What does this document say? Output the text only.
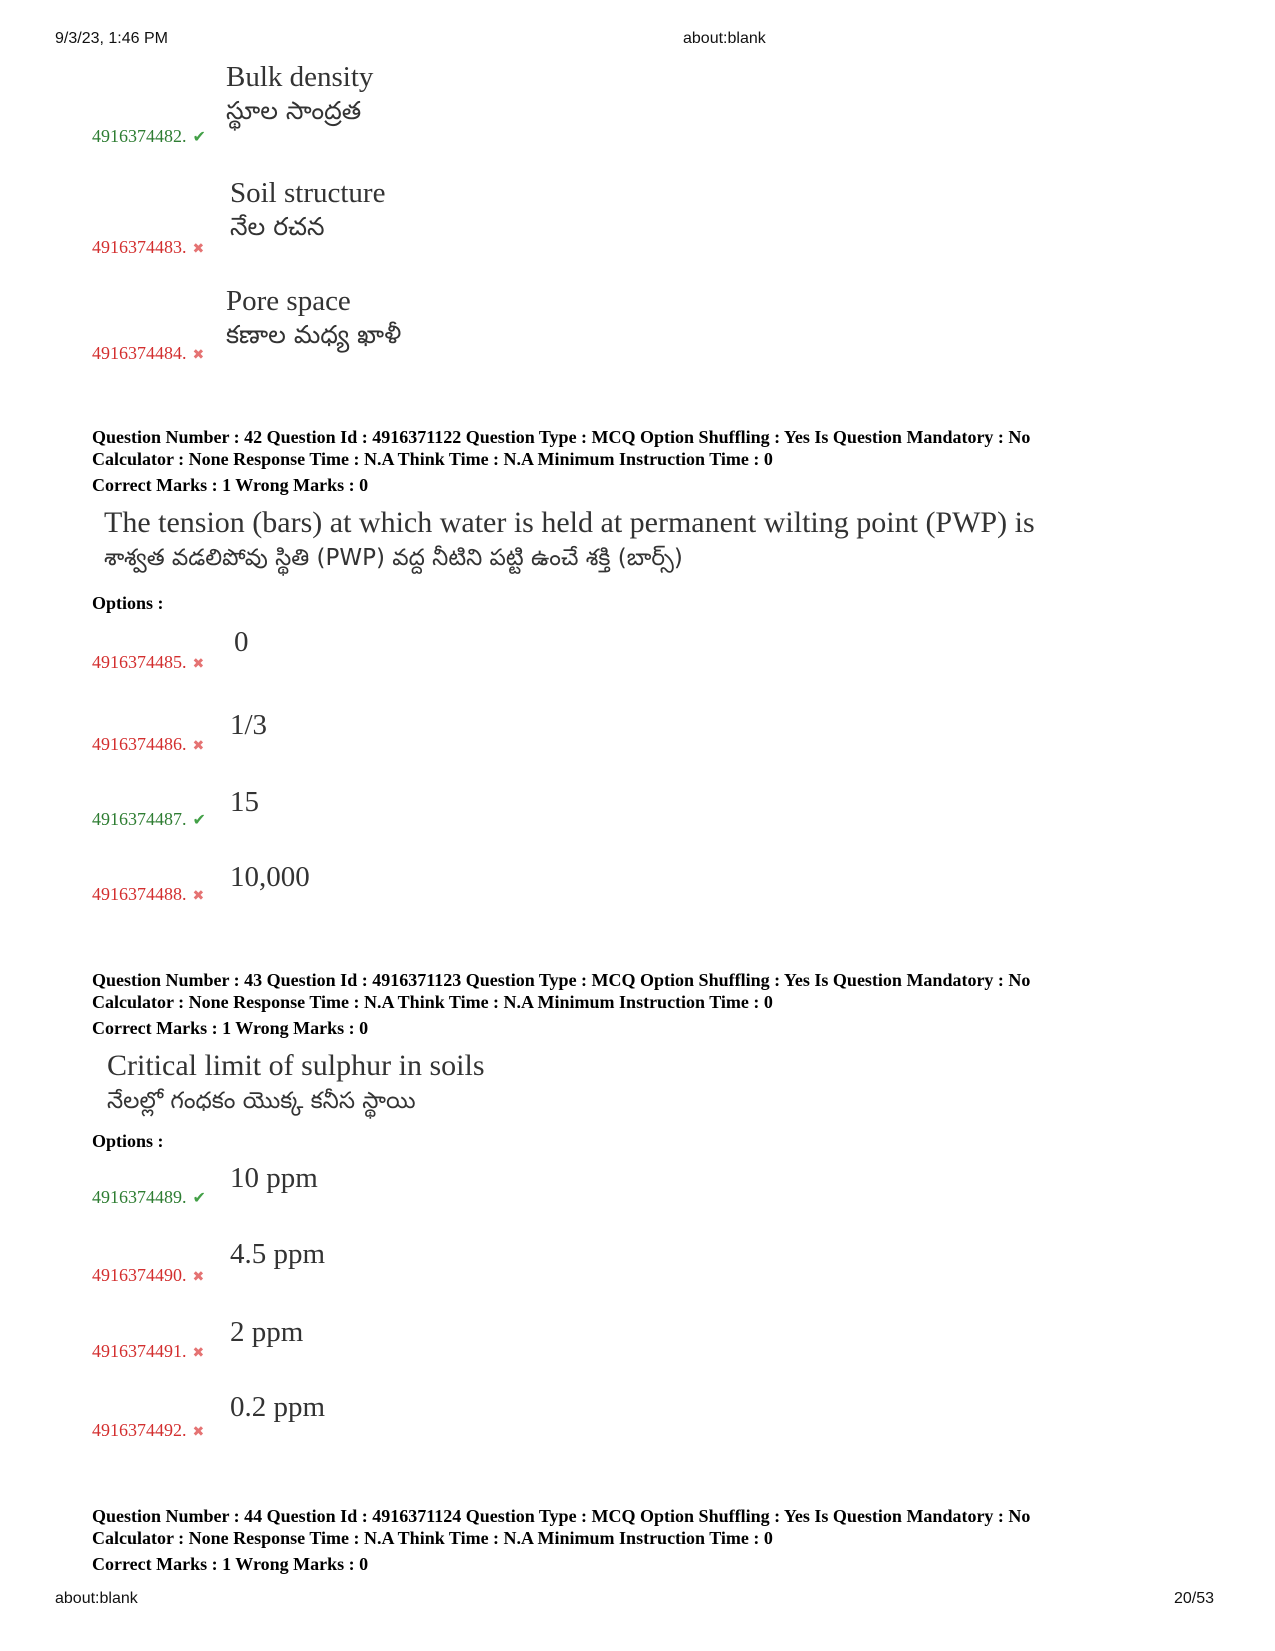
9/3/23, 1:46 PM	about:blank
Bulk density
స్థూల సాంద్రత
4916374482. ✔
Soil structure
నేల రచన
4916374483. ✖
Pore space
కణాల మధ్య ఖాళీ
4916374484. ✖
Question Number : 42 Question Id : 4916371122 Question Type : MCQ Option Shuffling : Yes Is Question Mandatory : No
Calculator : None Response Time : N.A Think Time : N.A Minimum Instruction Time : 0
Correct Marks : 1 Wrong Marks : 0
The tension (bars) at which water is held at permanent wilting point (PWP) is
శాశ్వత వడలిపోవు స్థితి (PWP) వద్ద నీటిని పట్టి ఉంచే శక్తి (బార్స్)
Options :
0
4916374485. ✖
1/3
4916374486. ✖
15
4916374487. ✔
10,000
4916374488. ✖
Question Number : 43 Question Id : 4916371123 Question Type : MCQ Option Shuffling : Yes Is Question Mandatory : No
Calculator : None Response Time : N.A Think Time : N.A Minimum Instruction Time : 0
Correct Marks : 1 Wrong Marks : 0
Critical limit of sulphur in soils
నేలల్లో గంధకం యొక్క కనీస స్థాయి
Options :
10 ppm
4916374489. ✔
4.5 ppm
4916374490. ✖
2 ppm
4916374491. ✖
0.2 ppm
4916374492. ✖
Question Number : 44 Question Id : 4916371124 Question Type : MCQ Option Shuffling : Yes Is Question Mandatory : No
Calculator : None Response Time : N.A Think Time : N.A Minimum Instruction Time : 0
Correct Marks : 1 Wrong Marks : 0
about:blank	20/53
